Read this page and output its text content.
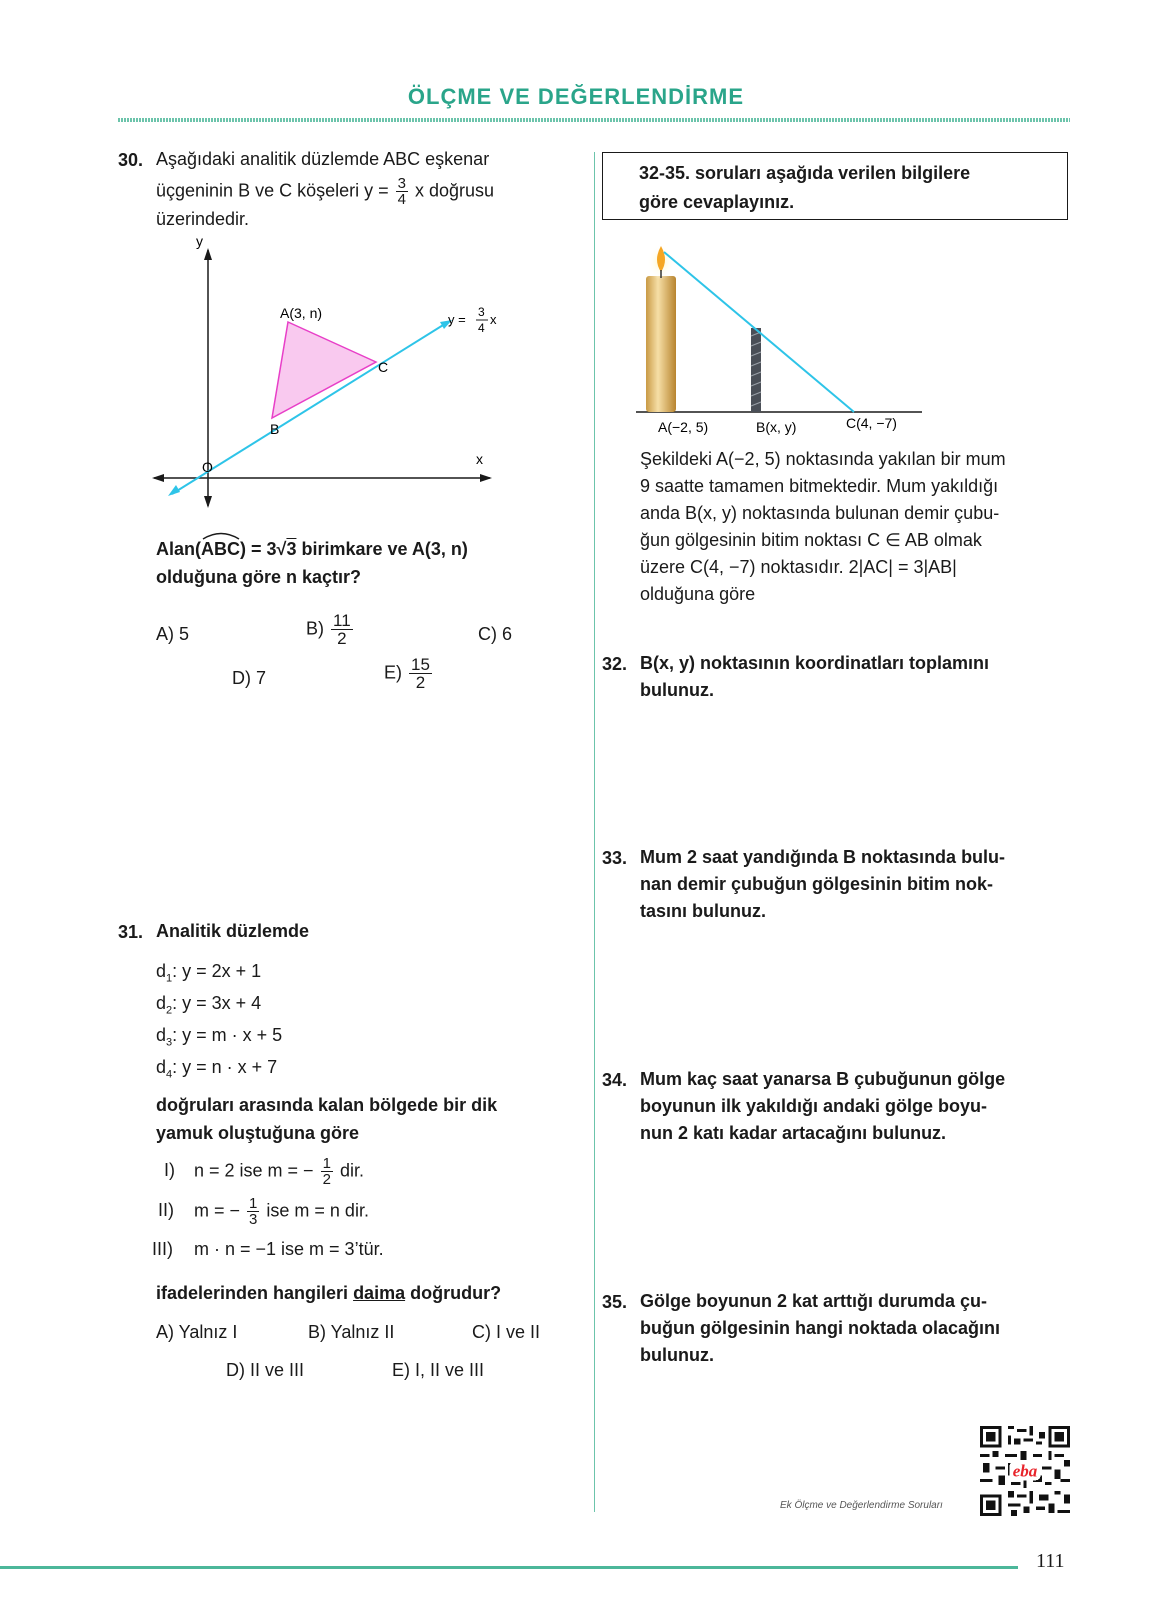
ÖLÇME VE DEĞERLENDİRME
30. Aşağıdaki analitik düzlemde ABC eşkenar
üçgeninin B ve C köşeleri $y = \frac{3}{4}$ x doğrusu
üzerindedir.
y
x
O
A(3, n)
B
C
y = 3
4
x
Alan(
ABC) = 3√3 birimkare ve A(3, n)
olduğuna göre n kaçtır?
A) 5	$B) \frac{11}{2}$	C) 6
D) 7	$E) \frac{15}{2}$
31. Analitik düzlemde
$d_1$: y = 2x + 1
$d_2$: y = 3x + 4
$d_3$: y = m · x + 5
$d_4$: y = n · x + 7
doğruları arasında kalan bölgede bir dik
yamuk oluştuğuna göre
I) n = 2 ise m = − $\frac{1}{2}$ dir.
II) m = − $\frac{1}{3}$ ise m = n dir.
III) m · n = −1 ise m = 3’tür.
ifadelerinden hangileri daima doğrudur?
A) Yalnız I	B) Yalnız II	C) I ve II
D) II ve III	E) I, II ve III
32-35. soruları aşağıda verilen bilgilere
göre cevaplayınız.
A(−2, 5)	B(x, y)	C(4, −7)
Şekildeki A(−2, 5) noktasında yakılan bir mum
9 saatte tamamen bitmektedir. Mum yakıldığı
anda B(x, y) noktasında bulunan demir çubu-
ğun gölgesinin bitim noktası C ∈ AB olmak
üzere C(4, −7) noktasıdır. 2|AC| = 3|AB|
olduğuna göre
32. B(x, y) noktasının koordinatları toplamını
bulunuz.
33. Mum 2 saat yandığında B noktasında bulu-
nan demir çubuğun gölgesinin bitim nok-
tasını bulunuz.
34. Mum kaç saat yanarsa B çubuğunun gölge
boyunun ilk yakıldığı andaki gölge boyu-
nun 2 katı kadar artacağını bulunuz.
35. Gölge boyunun 2 kat arttığı durumda çu-
buğun gölgesinin hangi noktada olacağını
bulunuz.
eba
Ek Ölçme ve Değerlendirme Soruları
111
